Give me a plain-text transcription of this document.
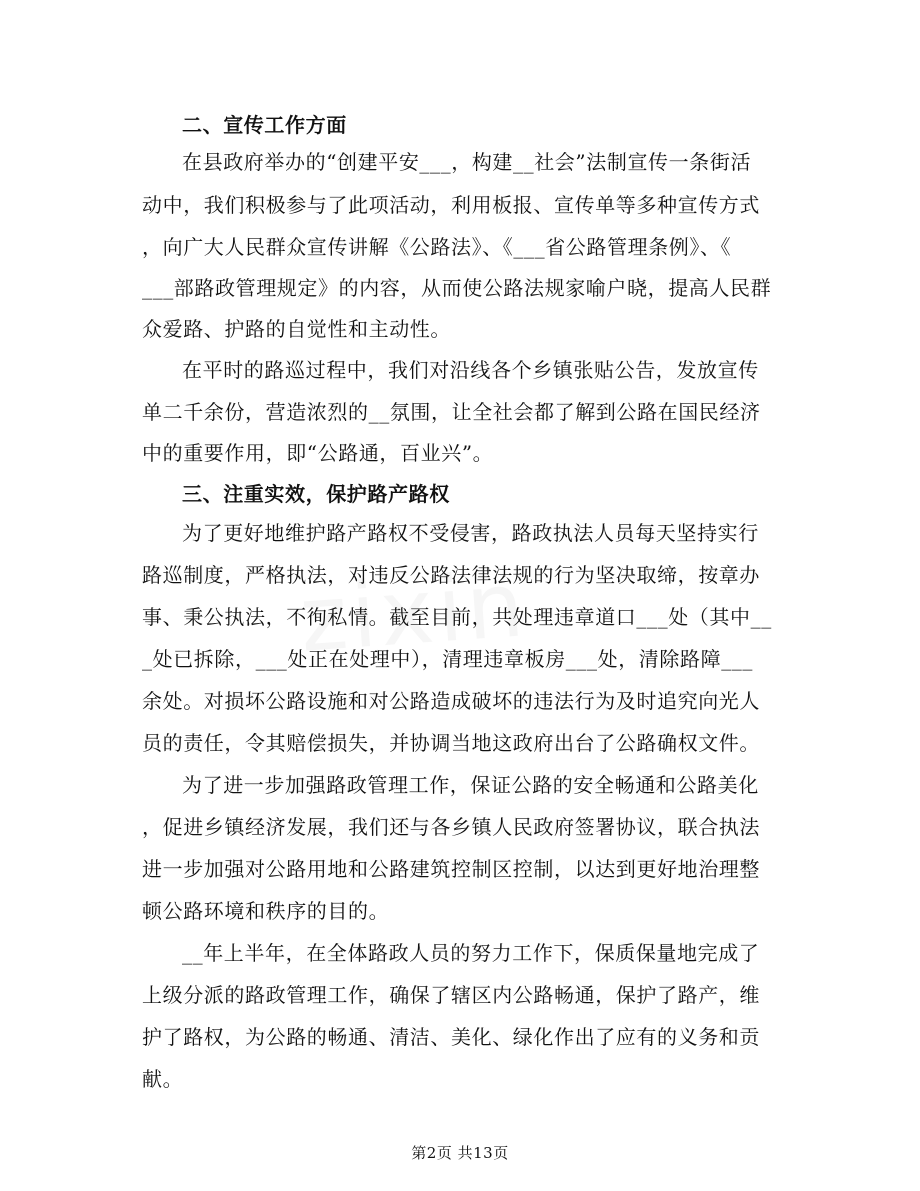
二、宣传工作方面
在县政府举办的“创建平安___，构建__社会”法制宣传一条街活
动中，我们积极参与了此项活动，利用板报、宣传单等多种宣传方式
，向广大人民群众宣传讲解《公路法》、《___省公路管理条例》、《
___部路政管理规定》的内容，从而使公路法规家喻户晓，提高人民群
众爱路、护路的自觉性和主动性。
在平时的路巡过程中，我们对沿线各个乡镇张贴公告，发放宣传
单二千余份，营造浓烈的__氛围，让全社会都了解到公路在国民经济
中的重要作用，即“公路通，百业兴”。
三、注重实效，保护路产路权
为了更好地维护路产路权不受侵害，路政执法人员每天坚持实行
路巡制度，严格执法，对违反公路法律法规的行为坚决取缔，按章办
事、秉公执法，不徇私情。截至目前，共处理违章道口___处（其中__
_处已拆除，___处正在处理中），清理违章板房___处，清除路障___
余处。对损坏公路设施和对公路造成破坏的违法行为及时追究向光人
员的责任，令其赔偿损失，并协调当地这政府出台了公路确权文件。
为了进一步加强路政管理工作，保证公路的安全畅通和公路美化
，促进乡镇经济发展，我们还与各乡镇人民政府签署协议，联合执法
进一步加强对公路用地和公路建筑控制区控制，以达到更好地治理整
顿公路环境和秩序的目的。
__年上半年，在全体路政人员的努力工作下，保质保量地完成了
上级分派的路政管理工作，确保了辖区内公路畅通，保护了路产，维
护了路权，为公路的畅通、清洁、美化、绿化作出了应有的义务和贡
献。
第2页 共13页
